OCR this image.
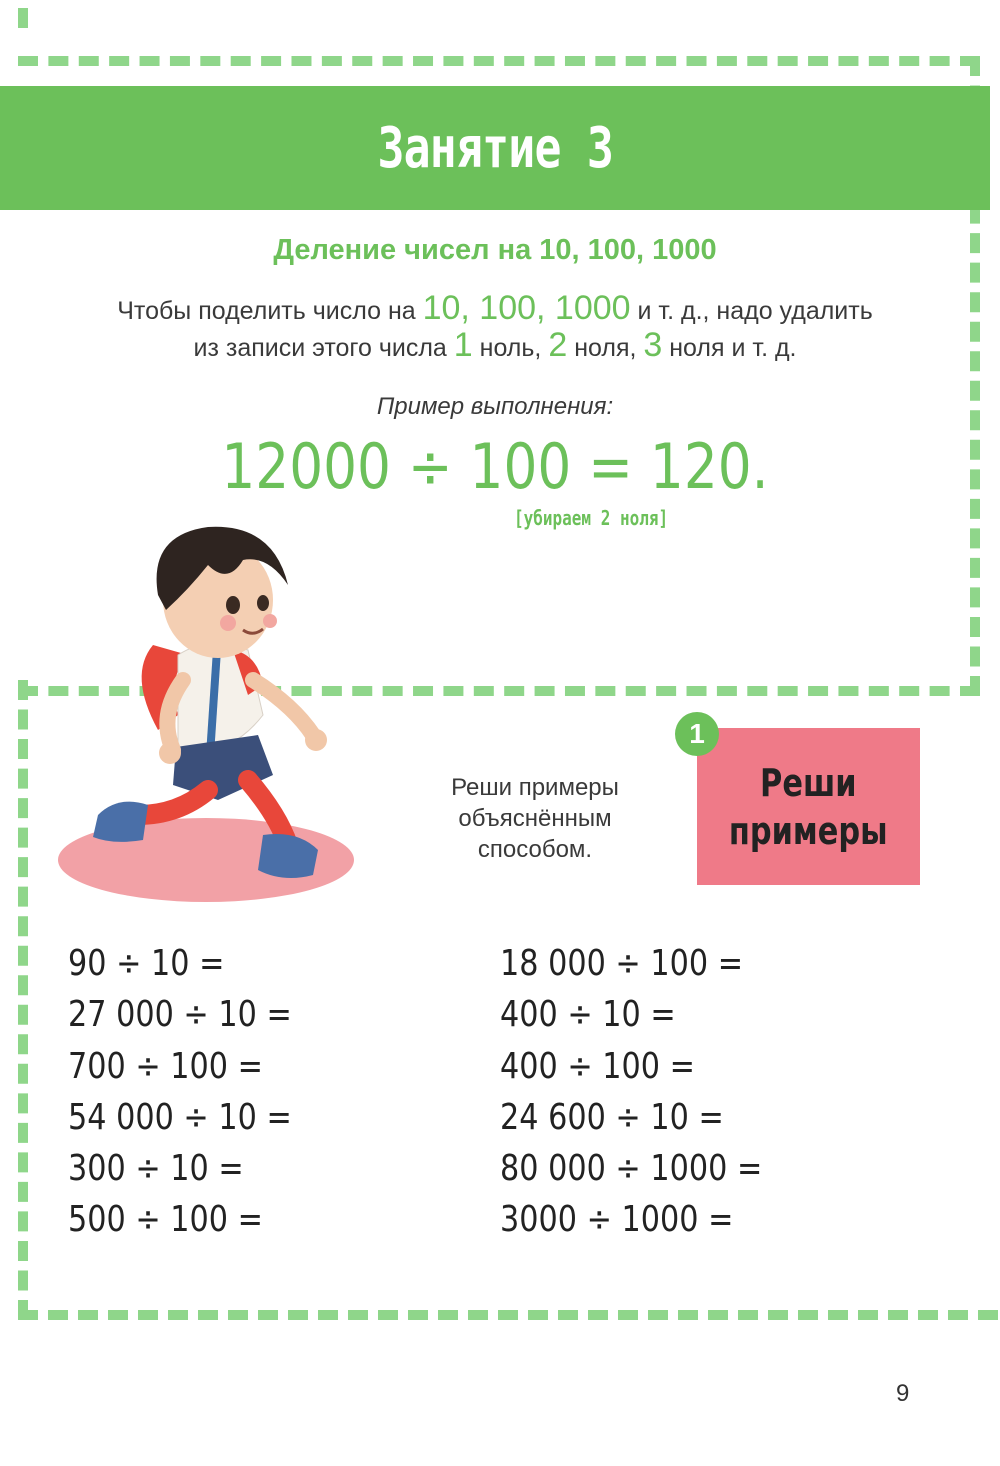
Занятие 3
Деление чисел на 10, 100, 1000
Чтобы поделить число на 10, 100, 1000 и т. д., надо удалить
из записи этого числа 1 ноль, 2 ноля, 3 ноля и т. д.
Пример выполнения:
12000 ÷ 100 = 120.
[убираем 2 ноля]
Реши примеры
объяснённым
способом.
Реши
примеры
1
90 ÷ 10 =
27 000 ÷ 10 =
700 ÷ 100 =
54 000 ÷ 10 =
300 ÷ 10 =
500 ÷ 100 =
18 000 ÷ 100 =
400 ÷ 10 =
400 ÷ 100 =
24 600 ÷ 10 =
80 000 ÷ 1000 =
3000 ÷ 1000 =
9
